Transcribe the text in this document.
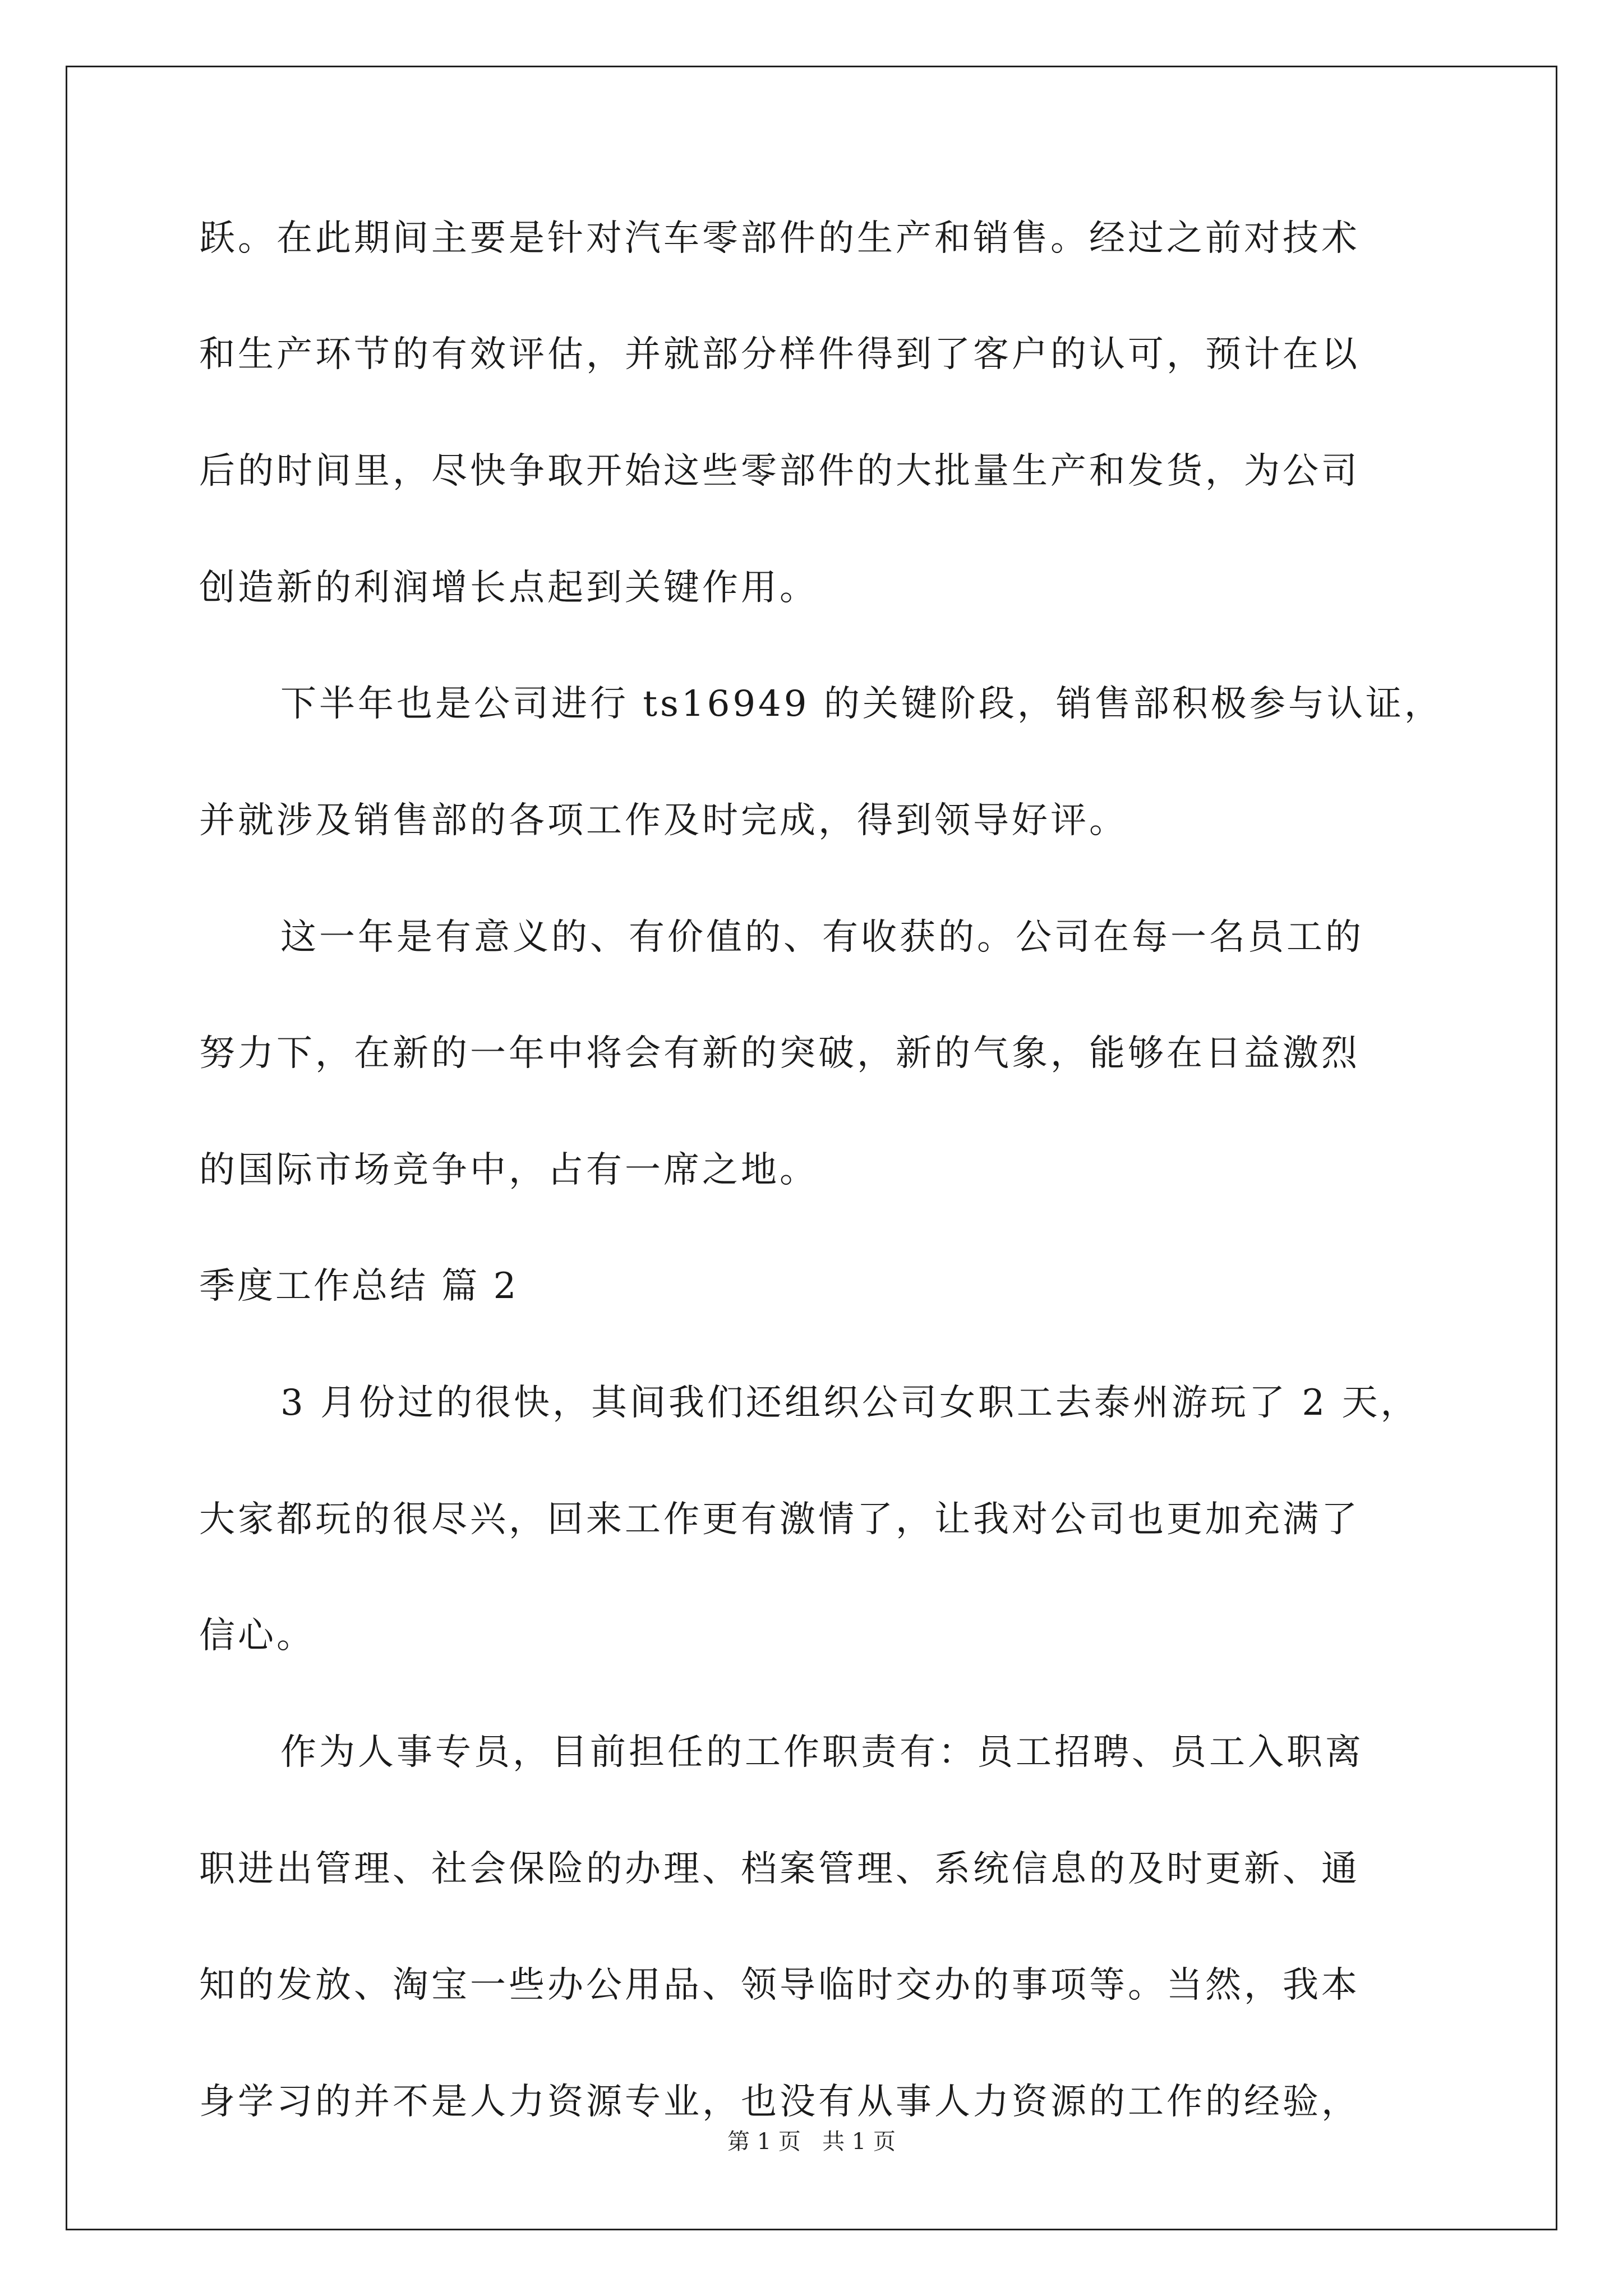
跃。在此期间主要是针对汽车零部件的生产和销售。经过之前对技术

和生产环节的有效评估，并就部分样件得到了客户的认可，预计在以

后的时间里，尽快争取开始这些零部件的大批量生产和发货，为公司

创造新的利润增长点起到关键作用。

下半年也是公司进行 ts16949 的关键阶段，销售部积极参与认证，

并就涉及销售部的各项工作及时完成，得到领导好评。

这一年是有意义的、有价值的、有收获的。公司在每一名员工的

努力下，在新的一年中将会有新的突破，新的气象，能够在日益激烈

的国际市场竞争中，占有一席之地。

季度工作总结 篇 2

3 月份过的很快，其间我们还组织公司女职工去泰州游玩了 2 天，

大家都玩的很尽兴，回来工作更有激情了，让我对公司也更加充满了

信心。

作为人事专员，目前担任的工作职责有：员工招聘、员工入职离

职进出管理、社会保险的办理、档案管理、系统信息的及时更新、通

知的发放、淘宝一些办公用品、领导临时交办的事项等。当然，我本

身学习的并不是人力资源专业，也没有从事人力资源的工作的经验，

第 1 页   共 1 页
